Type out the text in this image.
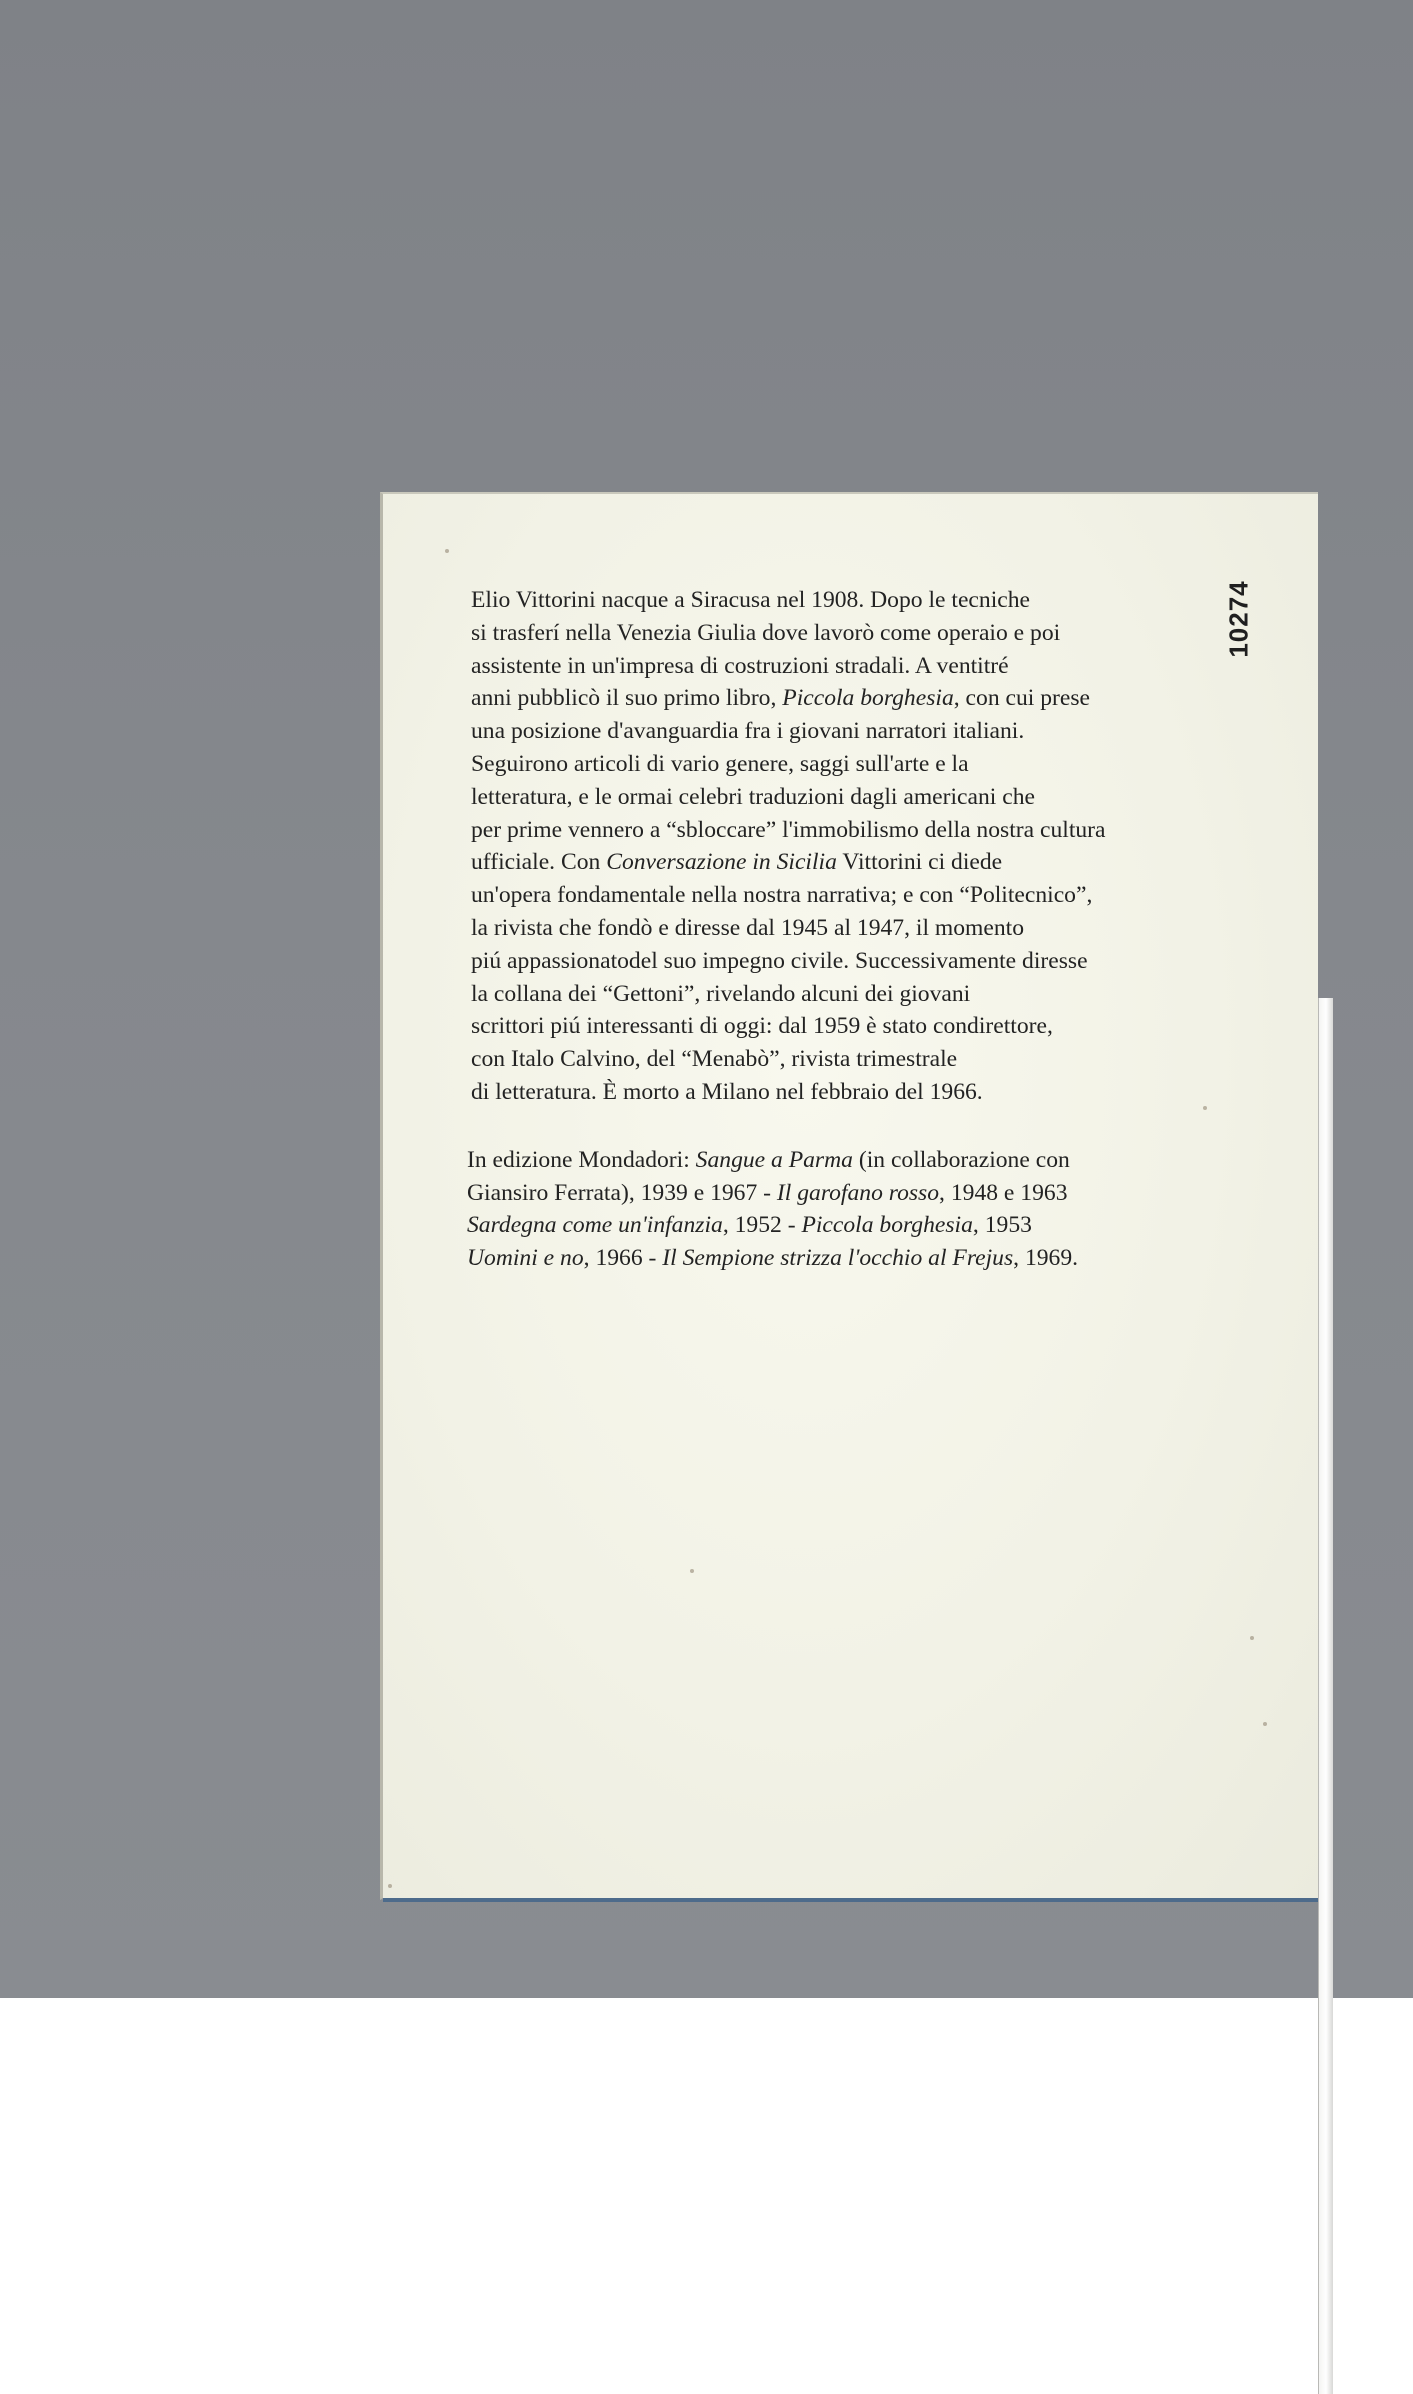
10274
Elio Vittorini nacque a Siracusa nel 1908. Dopo le tecniche
si trasferí nella Venezia Giulia dove lavorò come operaio e poi
assistente in un'impresa di costruzioni stradali. A ventitré
anni pubblicò il suo primo libro, Piccola borghesia, con cui prese
una posizione d'avanguardia fra i giovani narratori italiani.
Seguirono articoli di vario genere, saggi sull'arte e la
letteratura, e le ormai celebri traduzioni dagli americani che
per prime vennero a “sbloccare” l'immobilismo della nostra cultura
ufficiale. Con Conversazione in Sicilia Vittorini ci diede
un'opera fondamentale nella nostra narrativa; e con “Politecnico”,
la rivista che fondò e diresse dal 1945 al 1947, il momento
piú appassionatodel suo impegno civile. Successivamente diresse
la collana dei “Gettoni”, rivelando alcuni dei giovani
scrittori piú interessanti di oggi: dal 1959 è stato condirettore,
con Italo Calvino, del “Menabò”, rivista trimestrale
di letteratura. È morto a Milano nel febbraio del 1966.
In edizione Mondadori: Sangue a Parma (in collaborazione con
Giansiro Ferrata), 1939 e 1967 - Il garofano rosso, 1948 e 1963
Sardegna come un'infanzia, 1952 - Piccola borghesia, 1953
Uomini e no, 1966 - Il Sempione strizza l'occhio al Frejus, 1969.
